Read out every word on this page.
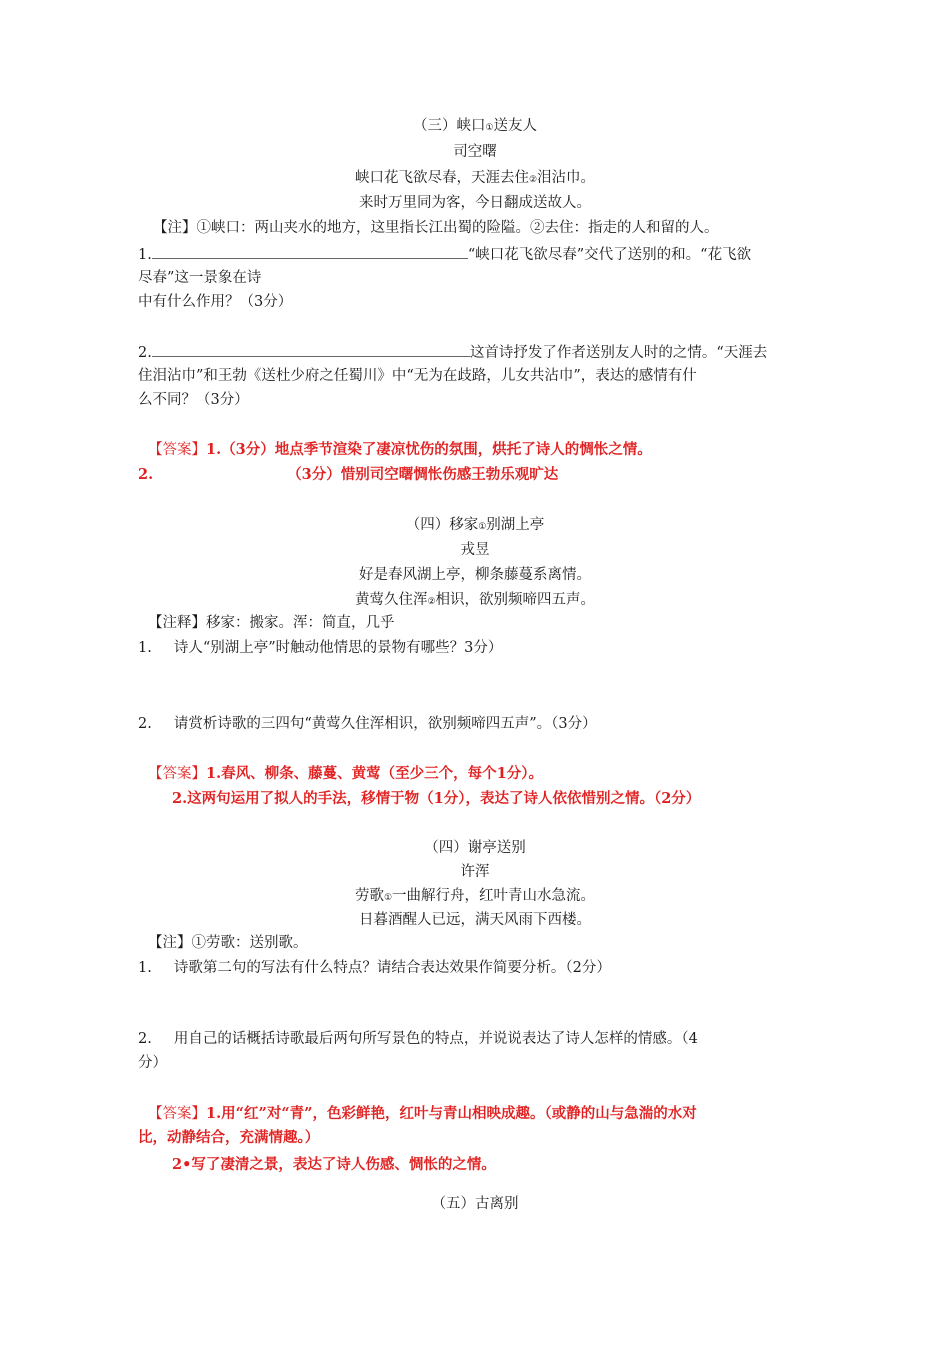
（三）峡口①送友人
司空曙
峡口花飞欲尽春，天涯去住②泪沾巾。
来时万里同为客，今日翻成送故人。
【注】①峡口：两山夹水的地方，这里指长江出蜀的险隘。②去住：指走的人和留的人。
1.	“峡口花飞欲尽春”交代了送别的和。“花飞欲
尽春”这一景象在诗
中有什么作用？（3分）
2.	这首诗抒发了作者送别友人时的之情。“天涯去
住泪沾巾”和王勃《送杜少府之任蜀川》中“无为在歧路，儿女共沾巾”，表达的感情有什
么不同？（3分）
【答案】1.（3分）地点季节渲染了凄凉忧伤的氛围，烘托了诗人的惆怅之情。
2.	（3分）惜别司空曙惆怅伤感王勃乐观旷达
（四）移家①别湖上亭
戎昱
好是春风湖上亭，柳条藤蔓系离情。
黄莺久住浑②相识，欲别频啼四五声。
【注释】移家：搬家。浑：简直，几乎
1. 诗人“别湖上亭”时触动他情思的景物有哪些？3分）
2. 请赏析诗歌的三四句“黄莺久住浑相识，欲别频啼四五声”。（3分）
【答案】1.春风、柳条、藤蔓、黄莺（至少三个，每个1分）。
2.这两句运用了拟人的手法，移情于物（1分），表达了诗人依依惜别之情。（2分）
（四）谢亭送别
许浑
劳歌①一曲解行舟，红叶青山水急流。
日暮酒醒人已远，满天风雨下西楼。
【注】①劳歌：送别歌。
1. 诗歌第二句的写法有什么特点？请结合表达效果作简要分析。（2分）
2. 用自己的话概括诗歌最后两句所写景色的特点，并说说表达了诗人怎样的情感。（4
分）
【答案】1.用“红”对“青”，色彩鲜艳，红叶与青山相映成趣。（或静的山与急湍的水对
比，动静结合，充满情趣。）
2•写了凄清之景，表达了诗人伤感、惆怅的之情。
（五）古离别
